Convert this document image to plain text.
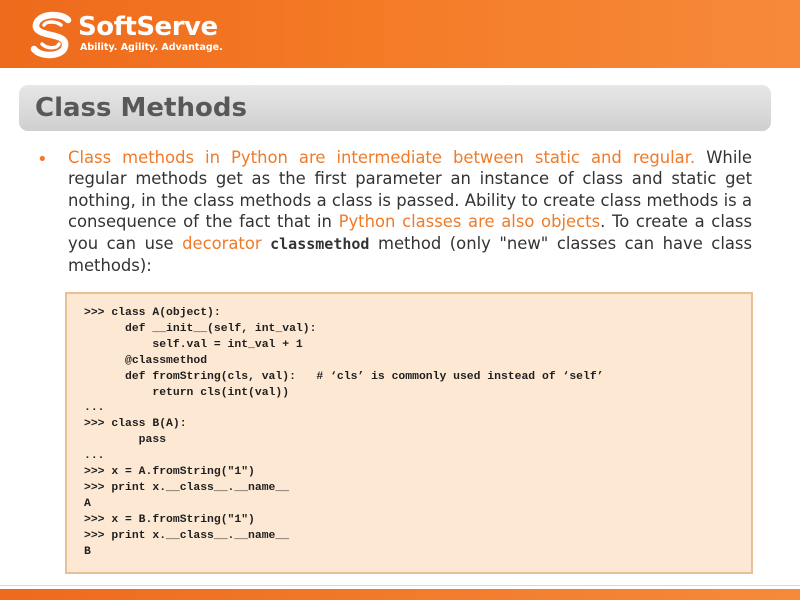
SoftServe
Ability. Agility. Advantage.
Class Methods
• Class methods in Python are intermediate between static and regular. While regular methods get as the first parameter an instance of class and static get nothing, in the class methods a class is passed. Ability to create class methods is a consequence of the fact that in Python classes are also objects. To create a class you can use decorator classmethod method (only "new" classes can have class methods):

>>> class A(object):
def __init__(self, int_val):
self.val = int_val + 1
@classmethod
def fromString(cls, val):   # ‘cls’ is commonly used instead of ‘self’
return cls(int(val))
...
>>> class B(A):
pass
...
>>> x = A.fromString("1")
>>> print x.__class__.__name__
A
>>> x = B.fromString("1")
>>> print x.__class__.__name__
B
